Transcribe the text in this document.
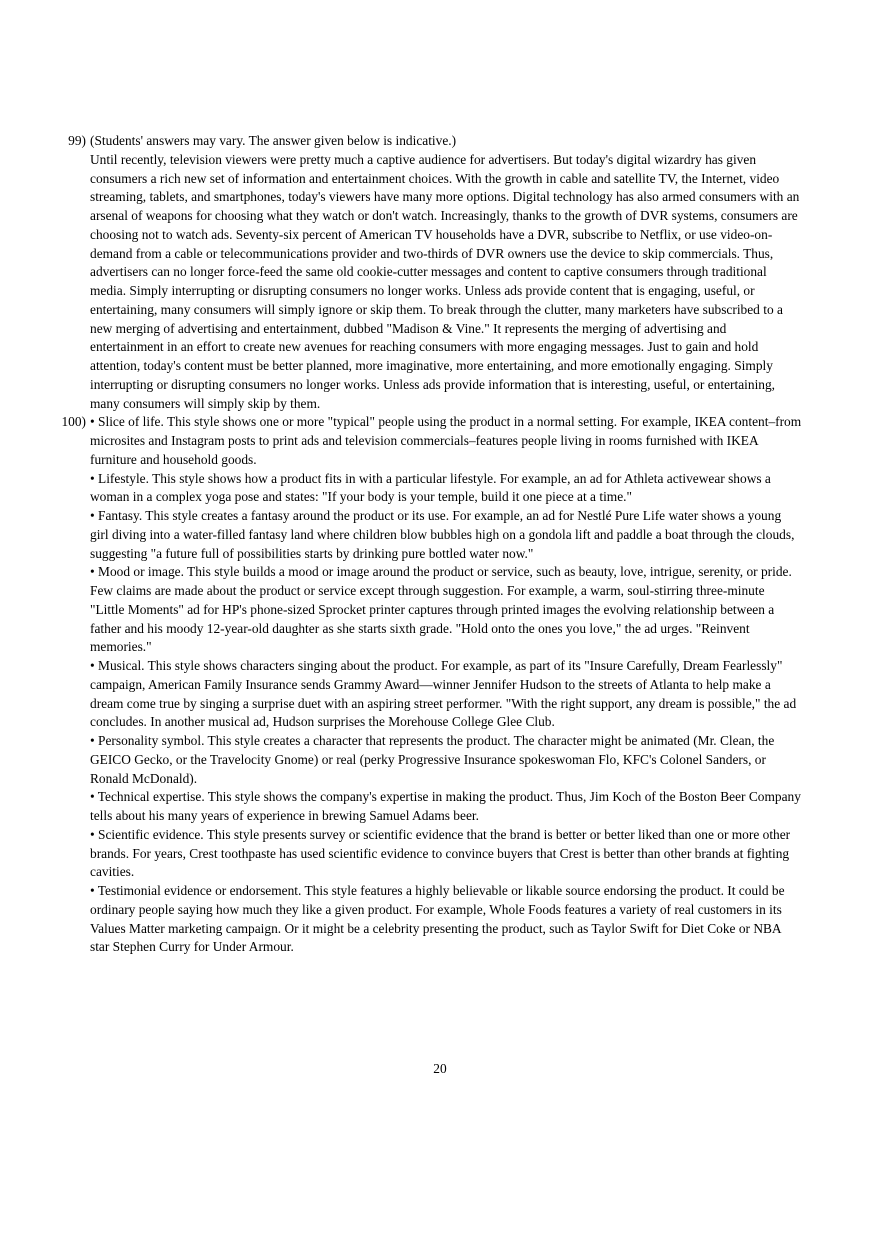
99) (Students' answers may vary. The answer given below is indicative.)

Until recently, television viewers were pretty much a captive audience for advertisers. But today's digital wizardry has given consumers a rich new set of information and entertainment choices. With the growth in cable and satellite TV, the Internet, video streaming, tablets, and smartphones, today's viewers have many more options. Digital technology has also armed consumers with an arsenal of weapons for choosing what they watch or don't watch. Increasingly, thanks to the growth of DVR systems, consumers are choosing not to watch ads. Seventy-six percent of American TV households have a DVR, subscribe to Netflix, or use video-on-demand from a cable or telecommunications provider and two-thirds of DVR owners use the device to skip commercials. Thus, advertisers can no longer force-feed the same old cookie-cutter messages and content to captive consumers through traditional media. Simply interrupting or disrupting consumers no longer works. Unless ads provide content that is engaging, useful, or entertaining, many consumers will simply ignore or skip them. To break through the clutter, many marketers have subscribed to a new merging of advertising and entertainment, dubbed "Madison & Vine." It represents the merging of advertising and entertainment in an effort to create new avenues for reaching consumers with more engaging messages. Just to gain and hold attention, today's content must be better planned, more imaginative, more entertaining, and more emotionally engaging. Simply interrupting or disrupting consumers no longer works. Unless ads provide information that is interesting, useful, or entertaining, many consumers will simply skip by them.

100) • Slice of life. This style shows one or more "typical" people using the product in a normal setting. For example, IKEA content–from microsites and Instagram posts to print ads and television commercials–features people living in rooms furnished with IKEA furniture and household goods.

• Lifestyle. This style shows how a product fits in with a particular lifestyle. For example, an ad for Athleta activewear shows a woman in a complex yoga pose and states: "If your body is your temple, build it one piece at a time."

• Fantasy. This style creates a fantasy around the product or its use. For example, an ad for Nestlé Pure Life water shows a young girl diving into a water-filled fantasy land where children blow bubbles high on a gondola lift and paddle a boat through the clouds, suggesting "a future full of possibilities starts by drinking pure bottled water now."

• Mood or image. This style builds a mood or image around the product or service, such as beauty, love, intrigue, serenity, or pride. Few claims are made about the product or service except through suggestion. For example, a warm, soul-stirring three-minute "Little Moments" ad for HP's phone-sized Sprocket printer captures through printed images the evolving relationship between a father and his moody 12-year-old daughter as she starts sixth grade. "Hold onto the ones you love," the ad urges. "Reinvent memories."

• Musical. This style shows characters singing about the product. For example, as part of its "Insure Carefully, Dream Fearlessly" campaign, American Family Insurance sends Grammy Award—winner Jennifer Hudson to the streets of Atlanta to help make a dream come true by singing a surprise duet with an aspiring street performer. "With the right support, any dream is possible," the ad concludes. In another musical ad, Hudson surprises the Morehouse College Glee Club.

• Personality symbol. This style creates a character that represents the product. The character might be animated (Mr. Clean, the GEICO Gecko, or the Travelocity Gnome) or real (perky Progressive Insurance spokeswoman Flo, KFC's Colonel Sanders, or Ronald McDonald).

• Technical expertise. This style shows the company's expertise in making the product. Thus, Jim Koch of the Boston Beer Company tells about his many years of experience in brewing Samuel Adams beer.

• Scientific evidence. This style presents survey or scientific evidence that the brand is better or better liked than one or more other brands. For years, Crest toothpaste has used scientific evidence to convince buyers that Crest is better than other brands at fighting cavities.

• Testimonial evidence or endorsement. This style features a highly believable or likable source endorsing the product. It could be ordinary people saying how much they like a given product. For example, Whole Foods features a variety of real customers in its Values Matter marketing campaign. Or it might be a celebrity presenting the product, such as Taylor Swift for Diet Coke or NBA star Stephen Curry for Under Armour.

20
